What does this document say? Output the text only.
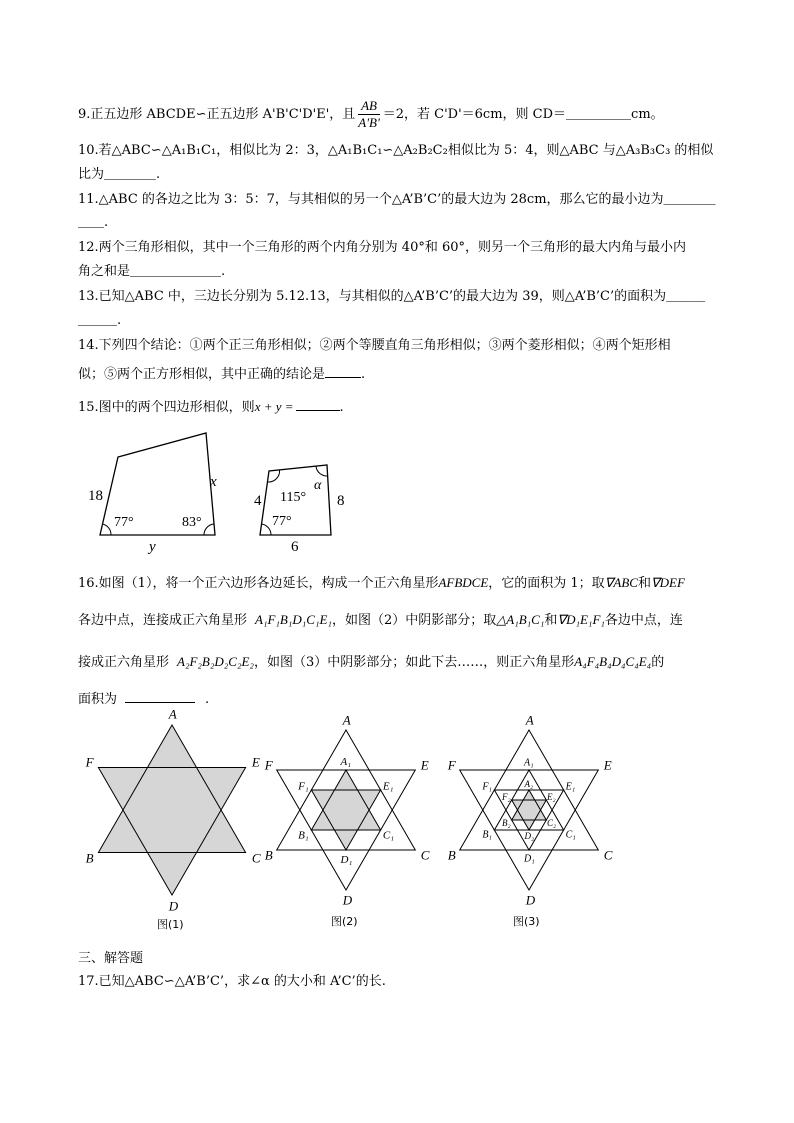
9.正五边形 ABCDE∽正五边形 A'B'C'D'E'，且 $\frac{AB}{A'B'} =2$，若 C'D'＝6cm，则 CD＝＿＿＿＿＿cm。
10.若△ABC∽△A₁B₁C₁，相似比为 2：3，△A₁B₁C₁∽△A₂B₂C₂相似比为 5：4，则△ABC 与△A₃B₃C₃ 的相似
比为＿＿＿＿.
11.△ABC 的各边之比为 3：5：7，与其相似的另一个△A’B’C’的最大边为 28cm，那么它的最小边为＿＿＿＿
＿＿.
12.两个三角形相似，其中一个三角形的两个内角分别为 40°和 60°，则另一个三角形的最大内角与最小内
角之和是＿＿＿＿＿＿＿.
13.已知△ABC 中，三边长分别为 5.12.13，与其相似的△A’B’C’的最大边为 39，则△A’B’C’的面积为＿＿＿
＿＿＿.
14.下列四个结论：①两个正三角形相似；②两个等腰直角三角形相似；③两个菱形相似；④两个矩形相
似；⑤两个正方形相似，其中正确的结论是	.
15.图中的两个四边形相似，则x + y =	.
18
77°	83°
y
x
4 115°
α
8
77°
6
16.如图（1），将一个正六边形各边延长，构成一个正六角星形AFBDCE，它的面积为 1；取∇ABC和∇DEF
各边中点，连接成正六角星形 A₁F₁B₁D₁C₁E₁，如图（2）中阴影部分；取△A₁B₁C₁和∇D₁E₁F₁各边中点，连
接成正六角星形 A₂F₂B₂D₂C₂E₂，如图（3）中阴影部分；如此下去……，则正六角星形A₄F₄B₄D₄C₄E₄的
面积为	.
A
B	C
D
E
F
A
B	C
D
E
F	A₁
B₁	C₁
D₁
E₁
F₁
A
B	C
D
E
F	A₁
B₁	C₁
D₁
E₁
F₁	A₂
B₂	C₂
D₂
E₂
F₂
图(1)	图(2)	图(3)
三、解答题
17.已知△ABC∽△A’B’C’，求∠α 的大小和 A’C’的长.
